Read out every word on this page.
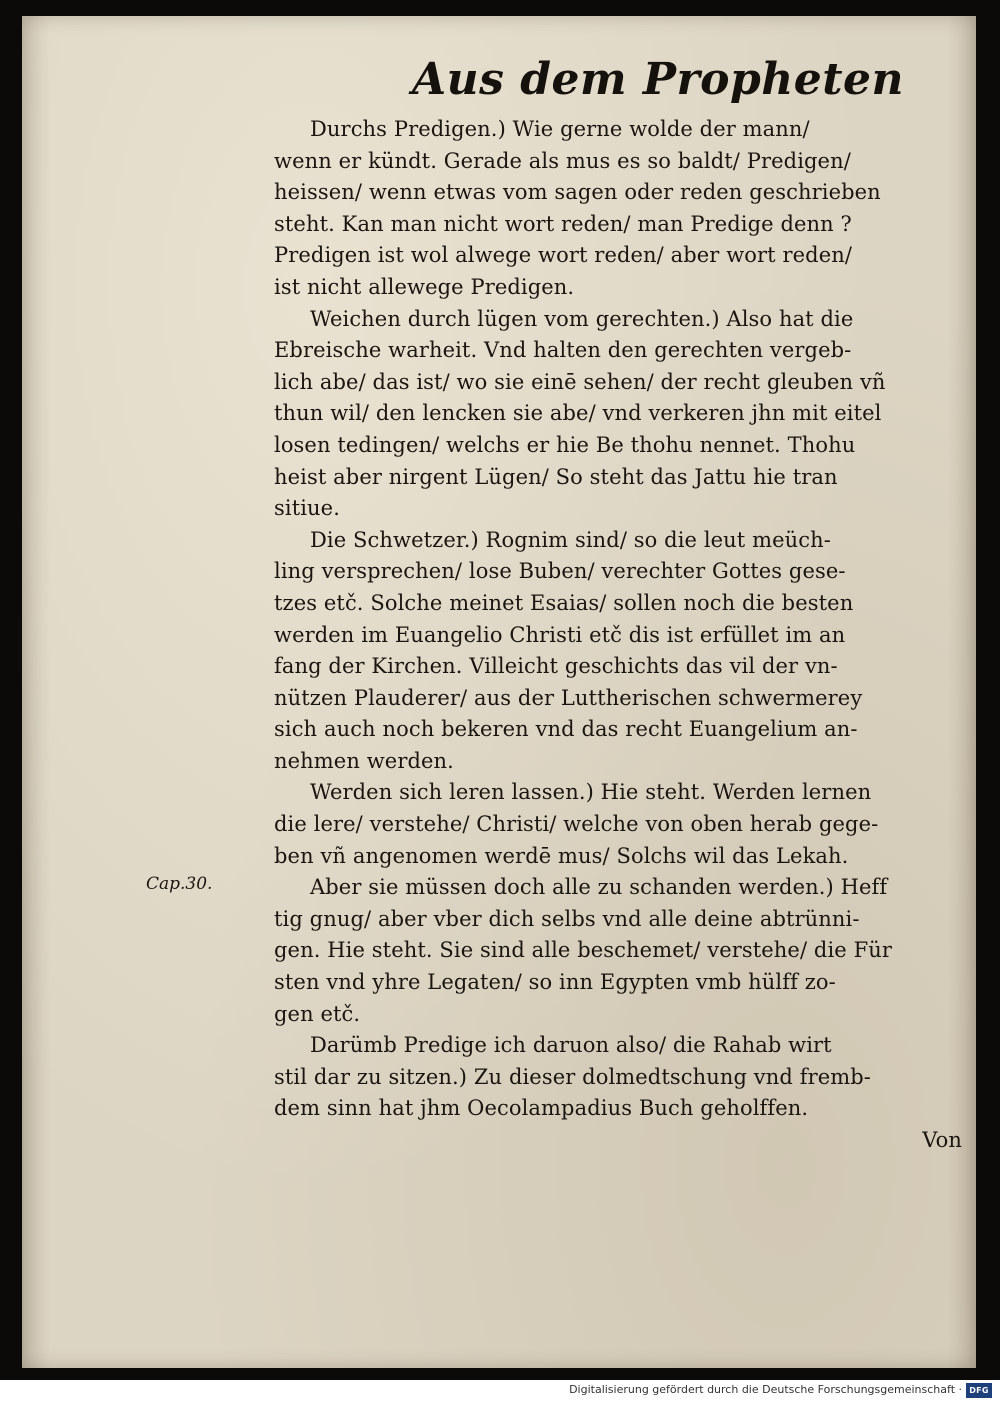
Aus dem Propheten
Cap.30.
Durchs Predigen.) Wie gerne wolde der mann/
wenn er kündt. Gerade als mus es so baldt/ Predigen/
heissen/ wenn etwas vom sagen oder reden geschrieben
steht. Kan man nicht wort reden/ man Predige denn ?
Predigen ist wol alwege wort reden/ aber wort reden/
ist nicht allewege Predigen.
Weichen durch lügen vom gerechten.) Also hat die
Ebreische warheit. Vnd halten den gerechten vergeb-
lich abe/ das ist/ wo sie einē sehen/ der recht gleuben vñ
thun wil/ den lencken sie abe/ vnd verkeren jhn mit eitel
losen tedingen/ welchs er hie Be thohu nennet. Thohu
heist aber nirgent Lügen/ So steht das Jattu hie tran
sitiue.
Die Schwetzer.) Rognim sind/ so die leut meüch-
ling versprechen/ lose Buben/ verechter Gottes gese-
tzes etč. Solche meinet Esaias/ sollen noch die besten
werden im Euangelio Christi etč dis ist erfüllet im an
fang der Kirchen. Villeicht geschichts das vil der vn-
nützen Plauderer/ aus der Luttherischen schwermerey
sich auch noch bekeren vnd das recht Euangelium an-
nehmen werden.
Werden sich leren lassen.) Hie steht. Werden lernen
die lere/ verstehe/ Christi/ welche von oben herab gege-
ben vñ angenomen werdē mus/ Solchs wil das Lekah.
Aber sie müssen doch alle zu schanden werden.) Heff
tig gnug/ aber vber dich selbs vnd alle deine abtrünni-
gen. Hie steht. Sie sind alle beschemet/ verstehe/ die Für
sten vnd yhre Legaten/ so inn Egypten vmb hülff zo-
gen etč.
Darümb Predige ich daruon also/ die Rahab wirt
stil dar zu sitzen.) Zu dieser dolmedtschung vnd fremb-
dem sinn hat jhm Oecolampadius Buch geholffen.
Von
Digitalisierung gefördert durch die Deutsche Forschungsgemeinschaft · DFG
